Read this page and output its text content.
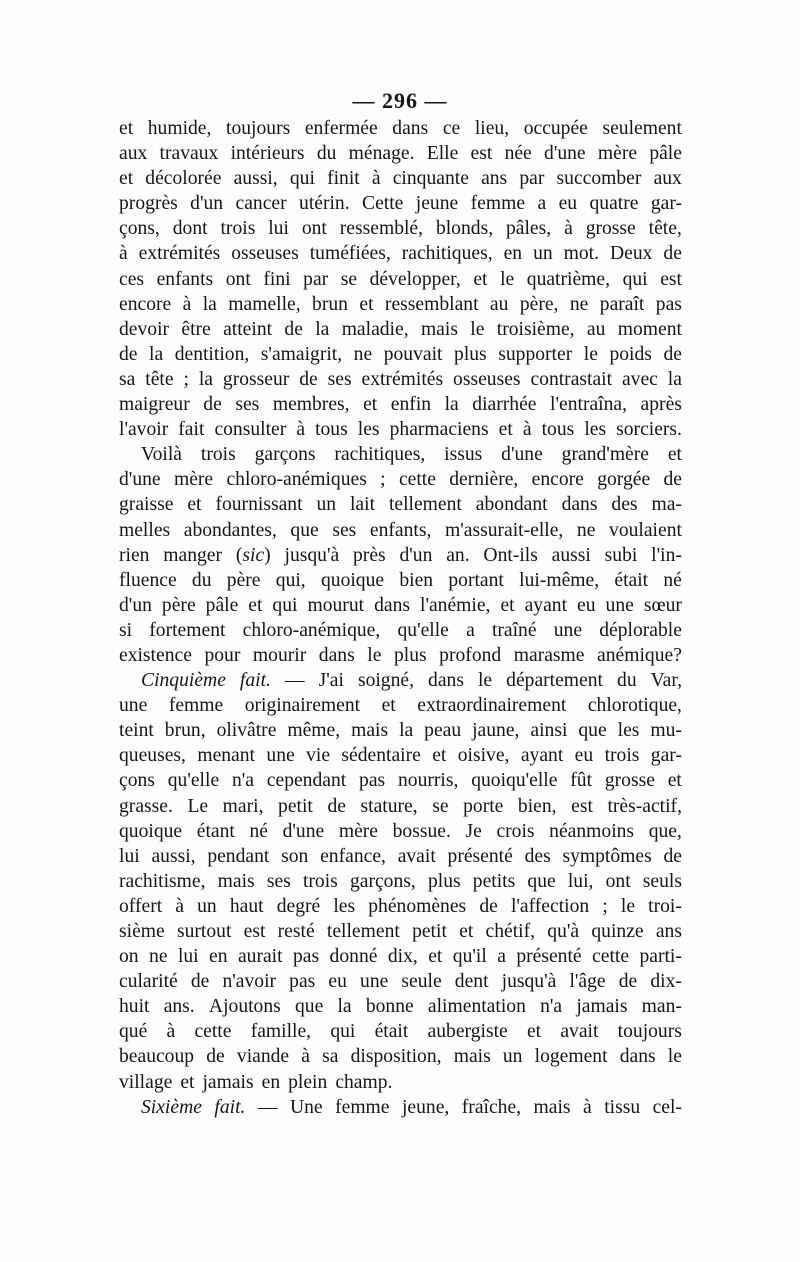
— 296 —
et humide, toujours enfermée dans ce lieu, occupée seulement
aux travaux intérieurs du ménage. Elle est née d'une mère pâle
et décolorée aussi, qui finit à cinquante ans par succomber aux
progrès d'un cancer utérin. Cette jeune femme a eu quatre gar-
çons, dont trois lui ont ressemblé, blonds, pâles, à grosse tête,
à extrémités osseuses tuméfiées, rachitiques, en un mot. Deux de
ces enfants ont fini par se développer, et le quatrième, qui est
encore à la mamelle, brun et ressemblant au père, ne paraît pas
devoir être atteint de la maladie, mais le troisième, au moment
de la dentition, s'amaigrit, ne pouvait plus supporter le poids de
sa tête ; la grosseur de ses extrémités osseuses contrastait avec la
maigreur de ses membres, et enfin la diarrhée l'entraîna, après
l'avoir fait consulter à tous les pharmaciens et à tous les sorciers.
Voilà trois garçons rachitiques, issus d'une grand'mère et
d'une mère chloro-anémiques ; cette dernière, encore gorgée de
graisse et fournissant un lait tellement abondant dans des ma-
melles abondantes, que ses enfants, m'assurait-elle, ne voulaient
rien manger (sic) jusqu'à près d'un an. Ont-ils aussi subi l'in-
fluence du père qui, quoique bien portant lui-même, était né
d'un père pâle et qui mourut dans l'anémie, et ayant eu une sœur
si fortement chloro-anémique, qu'elle a traîné une déplorable
existence pour mourir dans le plus profond marasme anémique?
Cinquième fait. — J'ai soigné, dans le département du Var,
une femme originairement et extraordinairement chlorotique,
teint brun, olivâtre même, mais la peau jaune, ainsi que les mu-
queuses, menant une vie sédentaire et oisive, ayant eu trois gar-
çons qu'elle n'a cependant pas nourris, quoiqu'elle fût grosse et
grasse. Le mari, petit de stature, se porte bien, est très-actif,
quoique étant né d'une mère bossue. Je crois néanmoins que,
lui aussi, pendant son enfance, avait présenté des symptômes de
rachitisme, mais ses trois garçons, plus petits que lui, ont seuls
offert à un haut degré les phénomènes de l'affection ; le troi-
sième surtout est resté tellement petit et chétif, qu'à quinze ans
on ne lui en aurait pas donné dix, et qu'il a présenté cette parti-
cularité de n'avoir pas eu une seule dent jusqu'à l'âge de dix-
huit ans. Ajoutons que la bonne alimentation n'a jamais man-
qué à cette famille, qui était aubergiste et avait toujours
beaucoup de viande à sa disposition, mais un logement dans le
village et jamais en plein champ.
Sixième fait. — Une femme jeune, fraîche, mais à tissu cel-
